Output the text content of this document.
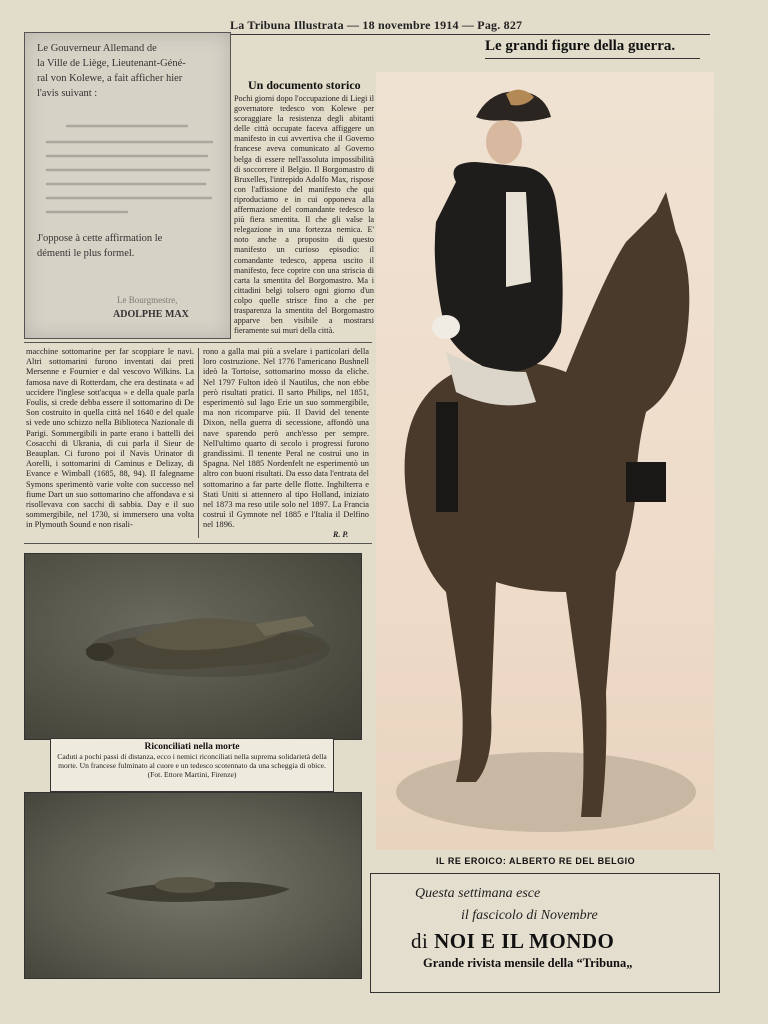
La Tribuna Illustrata — 18 novembre 1914 — Pag. 827
Le grandi figure della guerra.
Le Gouverneur Allemand de
la Ville de Liège, Lieutenant-Géné-
ral von Kolewe, a fait afficher hier
l'avis suivant :
J'oppose à cette affirmation le
démenti le plus formel.
Le Bourgmestre,
ADOLPHE MAX
Un documento storico
Pochi giorni dopo l'occupazione di Liegi il governatore tedesco von Kolewe per scoraggiare la resistenza degli abitanti delle città occupate faceva affiggere un manifesto in cui avvertiva che il Governo francese aveva comunicato al Governo belga di essere nell'assoluta impossibilità di soccorrere il Belgio. Il Borgomastro di Bruxelles, l'intrepido Adolfo Max, rispose con l'affissione del manifesto che qui riproduciamo e in cui opponeva alla affermazione del comandante tedesco la più fiera smentita. Il che gli valse la relegazione in una fortezza nemica. E' noto anche a proposito di questo manifesto un curioso episodio: il comandante tedesco, appena uscito il manifesto, fece coprire con una striscia di carta la smentita del Borgomastro. Ma i cittadini belgi tolsero ogni giorno d'un colpo quelle strisce fino a che per trasparenza la smentita del Borgomastro apparve ben visibile a mostrarsi fieramente sui muri della città.
macchine sottomarine per far scoppiare le navi. Altri sottomarini furono inventati dai preti Mersenne e Fournier e dal vescovo Wilkins. La famosa nave di Rotterdam, che era destinata « ad uccidere l'inglese sott'acqua » e della quale parla Foulis, si crede debba essere il sottomarino di De Son costruito in quella città nel 1640 e del quale si vede uno schizzo nella Biblioteca Nazionale di Parigi. Sommergibili in parte erano i battelli dei Cosacchi di Ukrania, di cui parla il Sieur de Beauplan. Ci furono poi il Navis Urinator di Aorelli, i sottomarini di Caminus e Delizay, di Evance e Wimball (1685, 88, 94). Il falegname Symons sperimentò varie volte con successo nel fiume Dart un suo sottomarino che affondava e si risollevava con sacchi di sabbia. Day e il suo sommergibile, nel 1730, si immersero una volta in Plymouth Sound e non risali-
rono a galla mai più a svelare i particolari della loro costruzione. Nel 1776 l'americano Bushnell ideò la Tortoise, sottomarino mosso da eliche. Nel 1797 Fulton ideò il Nautilus, che non ebbe però risultati pratici. Il sarto Philips, nel 1851, esperimentò sul lago Erie un suo sommergibile, ma non ricomparve più. Il David del tenente Dixon, nella guerra di secessione, affondò una nave sparendo però anch'esso per sempre. Nell'ultimo quarto di secolo i progressi furono grandissimi. Il tenente Peral ne costruì uno in Spagna. Nel 1885 Nordenfelt ne esperimentò un altro con buoni risultati. Da esso data l'entrata del sottomarino a far parte delle flotte. Inghilterra e Stati Uniti si attennero al tipo Holland, iniziato nel 1873 ma reso utile solo nel 1897. La Francia costruì il Gymnote nel 1885 e l'Italia il Delfino nel 1896.
R. P.
Riconciliati nella morte
Caduti a pochi passi di distanza, ecco i nemici riconciliati nella suprema solidarietà della morte. Un francese fulminato al cuore e un tedesco scotennato da una scheggia di obice.
(Fot. Ettore Martini, Firenze)
IL RE EROICO: ALBERTO RE DEL BELGIO
Questa settimana esce
il fascicolo di Novembre
di NOI E IL MONDO
Grande rivista mensile della “Tribuna„
